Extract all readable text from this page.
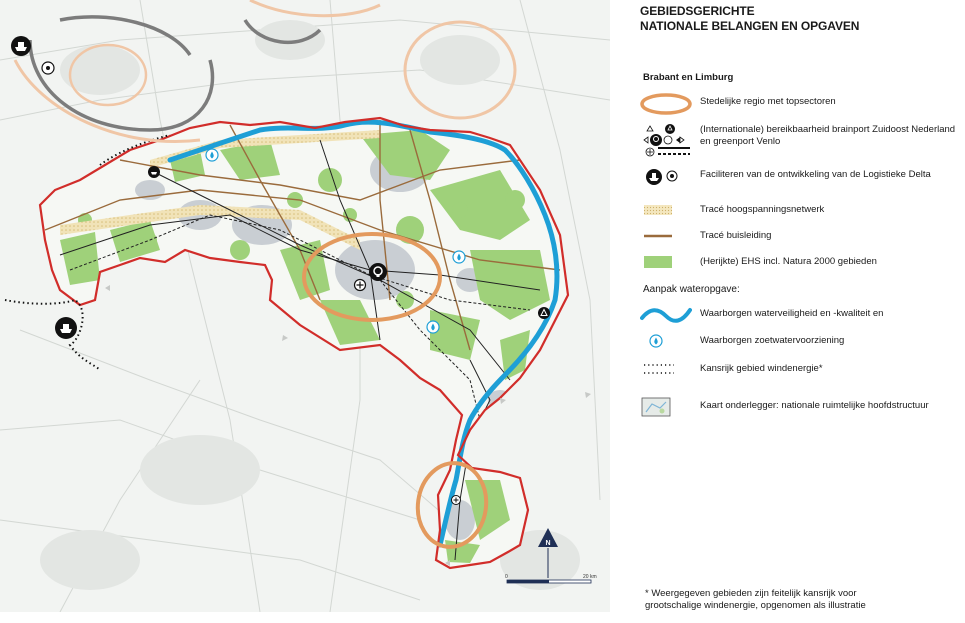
N
0	20 km
GEBIEDSGERICHTE
NATIONALE BELANGEN EN OPGAVEN
Brabant en Limburg
Stedelijke regio met topsectoren
(Internationale) bereikbaarheid brainport Zuidoost Nederland en greenport Venlo
Faciliteren van de ontwikkeling van de Logistieke Delta
Tracé hoogspanningsnetwerk
Tracé buisleiding
(Herijkte) EHS incl. Natura 2000 gebieden
Aanpak wateropgave:
Waarborgen waterveiligheid en -kwaliteit en
Waarborgen zoetwatervoorziening
Kansrijk gebied windenergie*
Kaart onderlegger: nationale ruimtelijke hoofdstructuur
* Weergegeven gebieden zijn feitelijk kansrijk voor
grootschalige windenergie, opgenomen als illustratie
